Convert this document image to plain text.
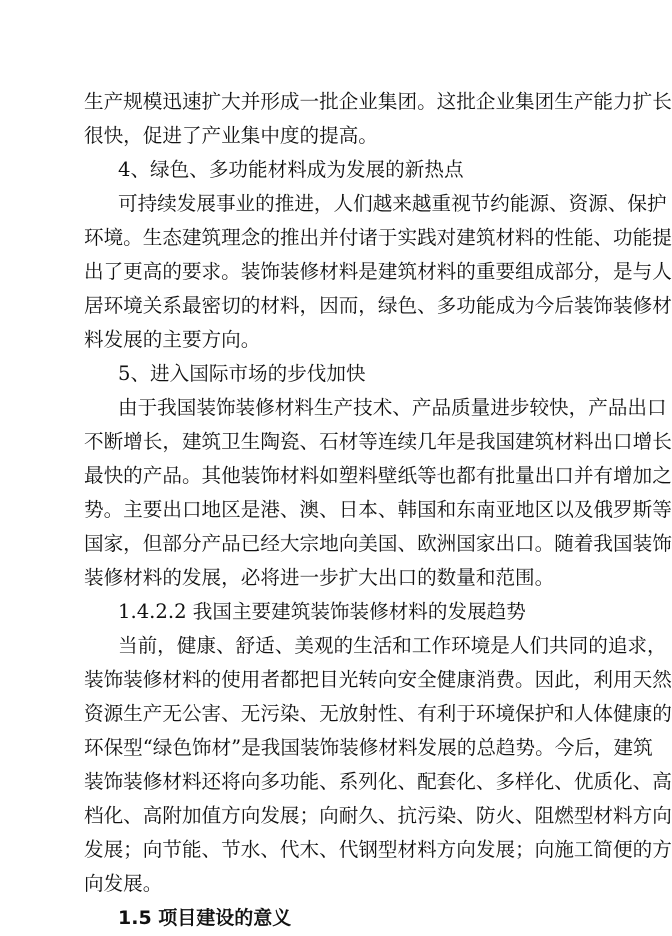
生产规模迅速扩大并形成一批企业集团。这批企业集团生产能力扩长
很快，促进了产业集中度的提高。
4、绿色、多功能材料成为发展的新热点
可持续发展事业的推进，人们越来越重视节约能源、资源、保护
环境。生态建筑理念的推出并付诸于实践对建筑材料的性能、功能提
出了更高的要求。装饰装修材料是建筑材料的重要组成部分，是与人
居环境关系最密切的材料，因而，绿色、多功能成为今后装饰装修材
料发展的主要方向。
5、进入国际市场的步伐加快
由于我国装饰装修材料生产技术、产品质量进步较快，产品出口
不断增长，建筑卫生陶瓷、石材等连续几年是我国建筑材料出口增长
最快的产品。其他装饰材料如塑料壁纸等也都有批量出口并有增加之
势。主要出口地区是港、澳、日本、韩国和东南亚地区以及俄罗斯等
国家，但部分产品已经大宗地向美国、欧洲国家出口。随着我国装饰
装修材料的发展，必将进一步扩大出口的数量和范围。
1.4.2.2 我国主要建筑装饰装修材料的发展趋势
当前，健康、舒适、美观的生活和工作环境是人们共同的追求，
装饰装修材料的使用者都把目光转向安全健康消费。因此，利用天然
资源生产无公害、无污染、无放射性、有利于环境保护和人体健康的
环保型“绿色饰材”是我国装饰装修材料发展的总趋势。今后，建筑
装饰装修材料还将向多功能、系列化、配套化、多样化、优质化、高
档化、高附加值方向发展；向耐久、抗污染、防火、阻燃型材料方向
发展；向节能、节水、代木、代钢型材料方向发展；向施工简便的方
向发展。
1.5 项目建设的意义
